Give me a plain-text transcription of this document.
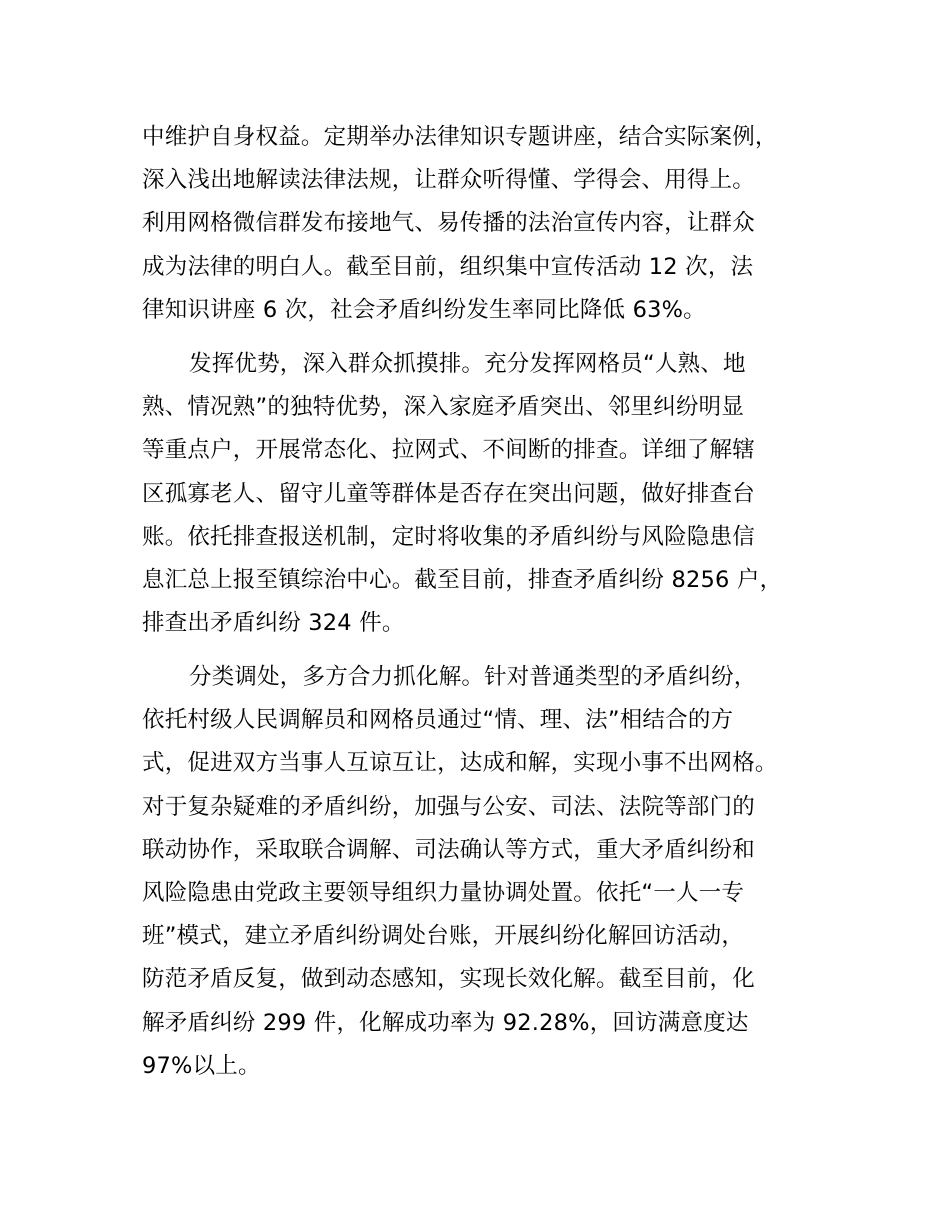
中维护自身权益。定期举办法律知识专题讲座，结合实际案例，
深入浅出地解读法律法规，让群众听得懂、学得会、用得上。
利用网格微信群发布接地气、易传播的法治宣传内容，让群众
成为法律的明白人。截至目前，组织集中宣传活动 12 次，法
律知识讲座 6 次，社会矛盾纠纷发生率同比降低 63%。
发挥优势，深入群众抓摸排。充分发挥网格员“人熟、地
熟、情况熟”的独特优势，深入家庭矛盾突出、邻里纠纷明显
等重点户，开展常态化、拉网式、不间断的排查。详细了解辖
区孤寡老人、留守儿童等群体是否存在突出问题，做好排查台
账。依托排查报送机制，定时将收集的矛盾纠纷与风险隐患信
息汇总上报至镇综治中心。截至目前，排查矛盾纠纷 8256 户，
排查出矛盾纠纷 324 件。
分类调处，多方合力抓化解。针对普通类型的矛盾纠纷，
依托村级人民调解员和网格员通过“情、理、法”相结合的方
式，促进双方当事人互谅互让，达成和解，实现小事不出网格。
对于复杂疑难的矛盾纠纷，加强与公安、司法、法院等部门的
联动协作，采取联合调解、司法确认等方式，重大矛盾纠纷和
风险隐患由党政主要领导组织力量协调处置。依托“一人一专
班”模式，建立矛盾纠纷调处台账，开展纠纷化解回访活动，
防范矛盾反复，做到动态感知，实现长效化解。截至目前，化
解矛盾纠纷 299 件，化解成功率为 92.28%，回访满意度达
97%以上。
